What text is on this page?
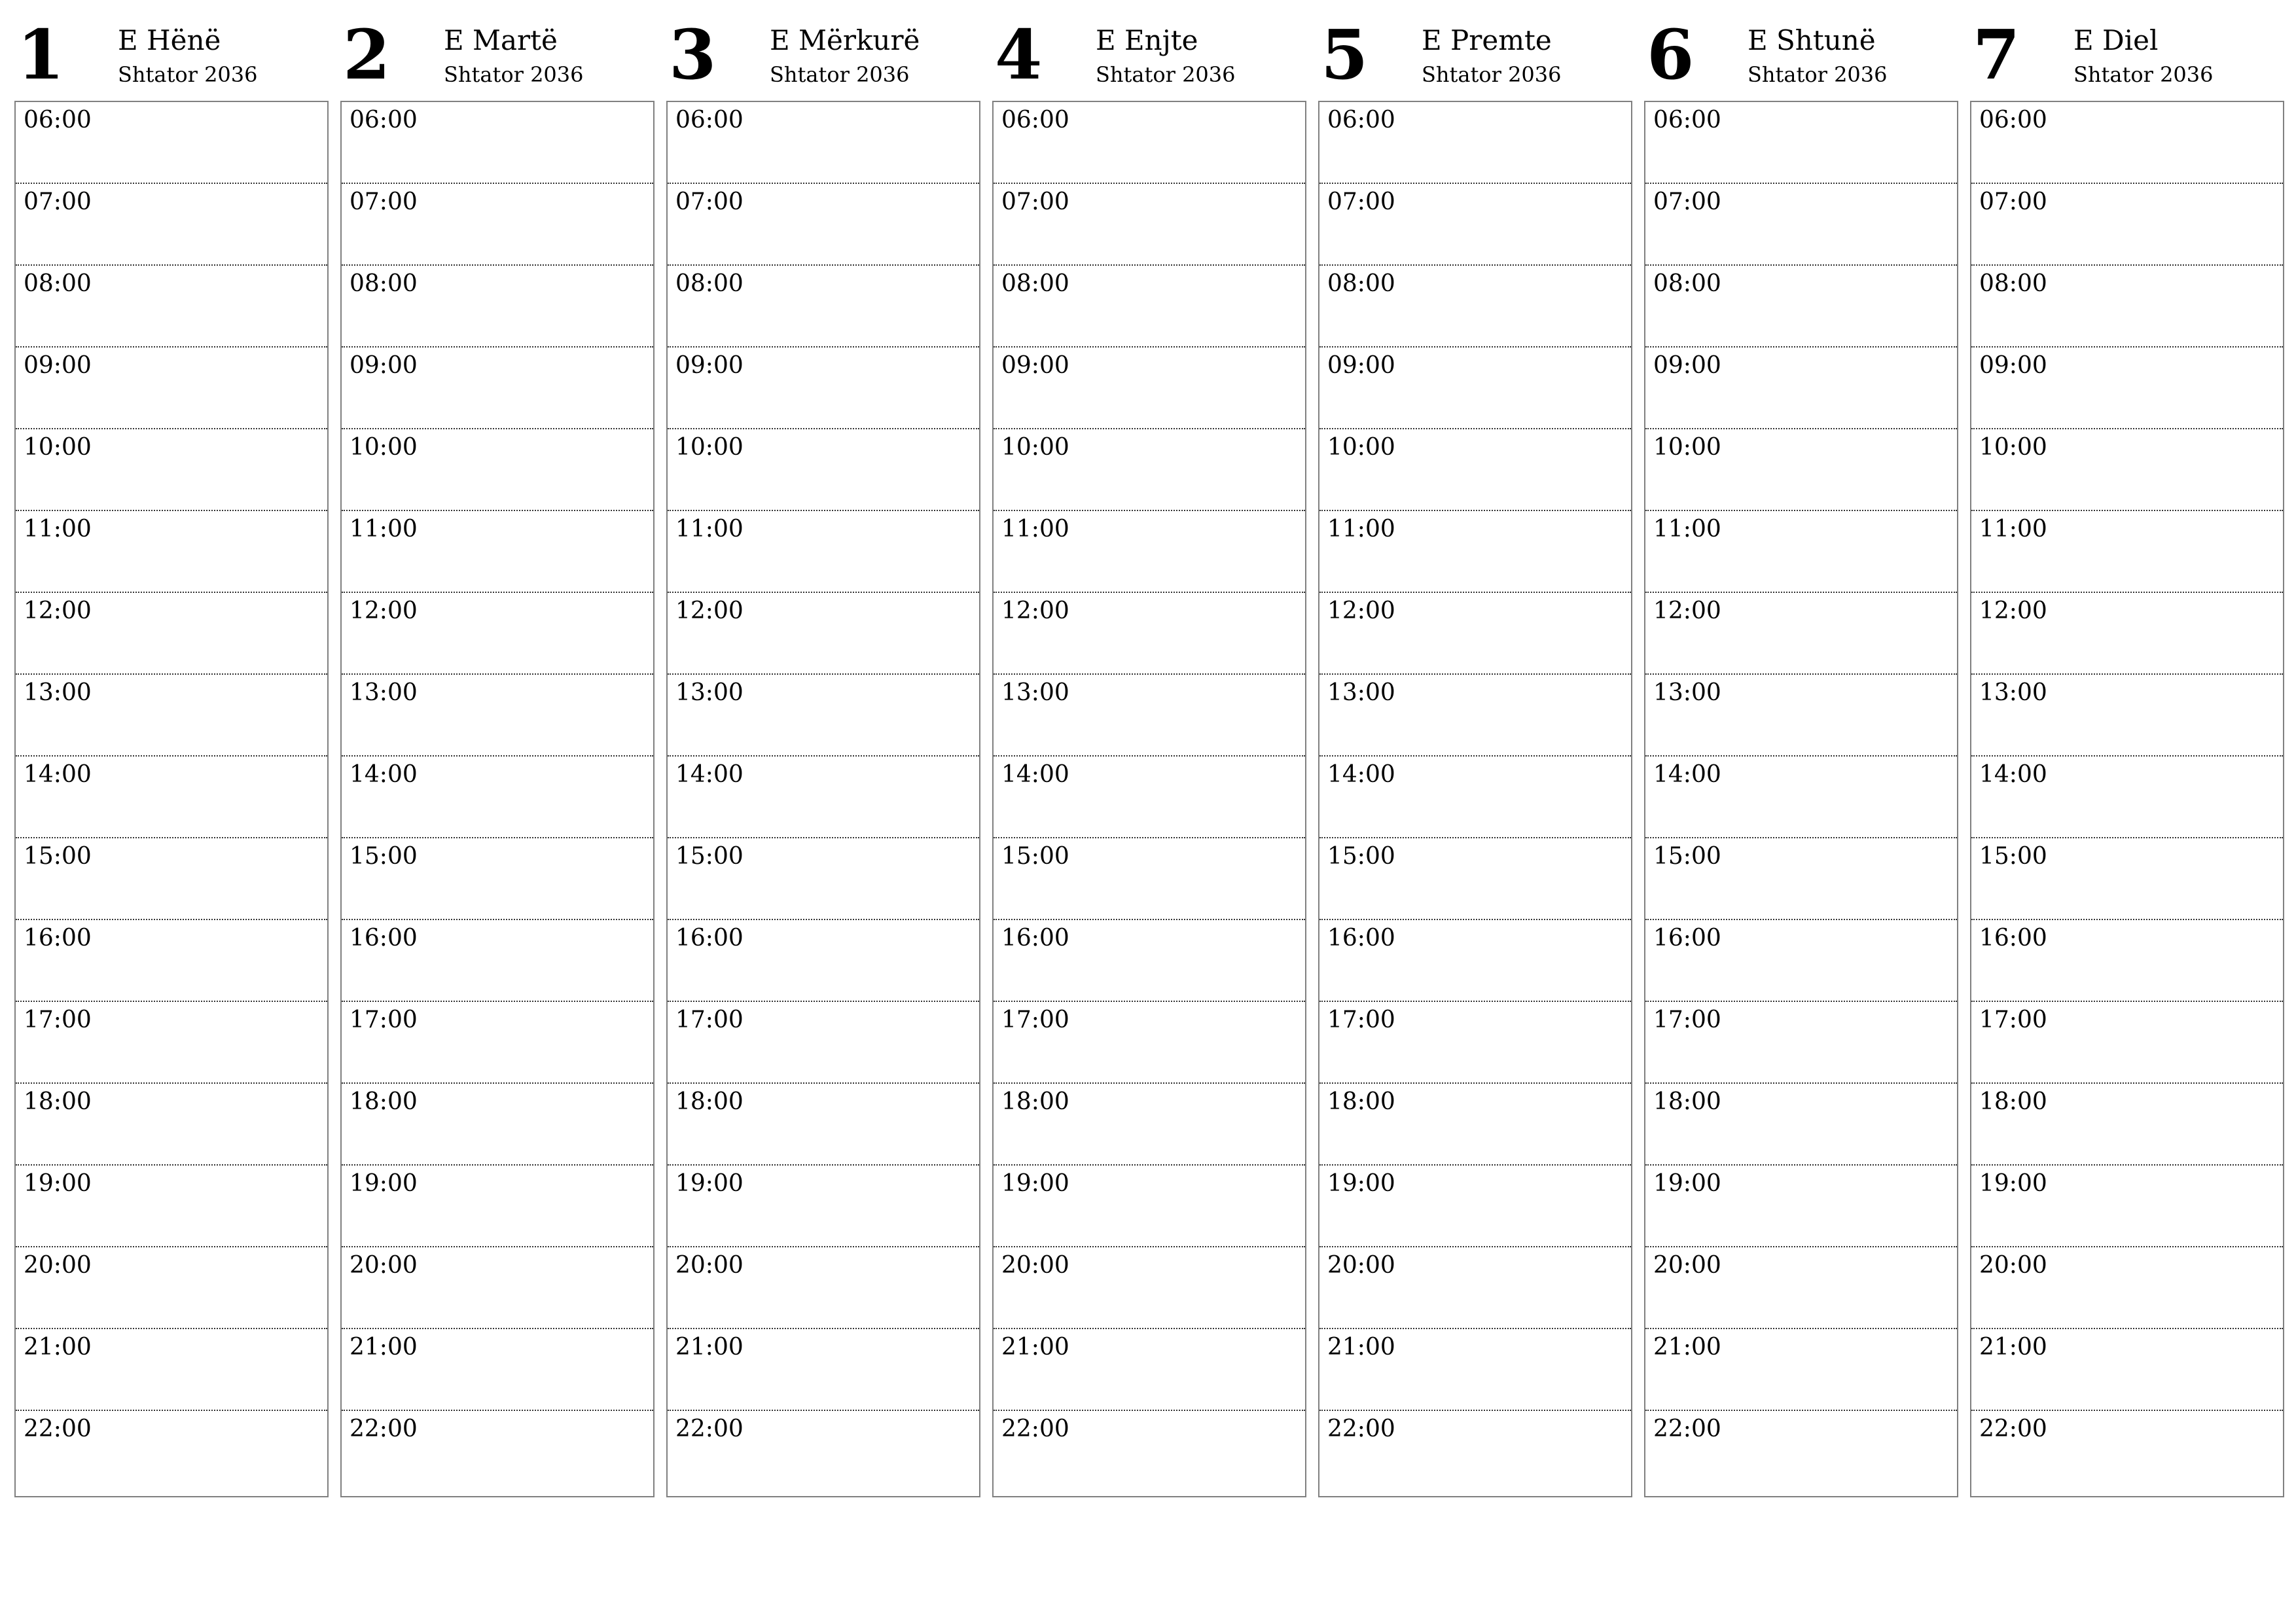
1 E Hënë
Shtator 2036
06:00
07:00
08:00
09:00
10:00
11:00
12:00
13:00
14:00
15:00
16:00
17:00
18:00
19:00
20:00
21:00
22:00
2 E Martë
Shtator 2036
06:00
07:00
08:00
09:00
10:00
11:00
12:00
13:00
14:00
15:00
16:00
17:00
18:00
19:00
20:00
21:00
22:00
3 E Mërkurë
Shtator 2036
06:00
07:00
08:00
09:00
10:00
11:00
12:00
13:00
14:00
15:00
16:00
17:00
18:00
19:00
20:00
21:00
22:00
4 E Enjte
Shtator 2036
06:00
07:00
08:00
09:00
10:00
11:00
12:00
13:00
14:00
15:00
16:00
17:00
18:00
19:00
20:00
21:00
22:00
5 E Premte
Shtator 2036
06:00
07:00
08:00
09:00
10:00
11:00
12:00
13:00
14:00
15:00
16:00
17:00
18:00
19:00
20:00
21:00
22:00
6 E Shtunë
Shtator 2036
06:00
07:00
08:00
09:00
10:00
11:00
12:00
13:00
14:00
15:00
16:00
17:00
18:00
19:00
20:00
21:00
22:00
7 E Diel
Shtator 2036
06:00
07:00
08:00
09:00
10:00
11:00
12:00
13:00
14:00
15:00
16:00
17:00
18:00
19:00
20:00
21:00
22:00
